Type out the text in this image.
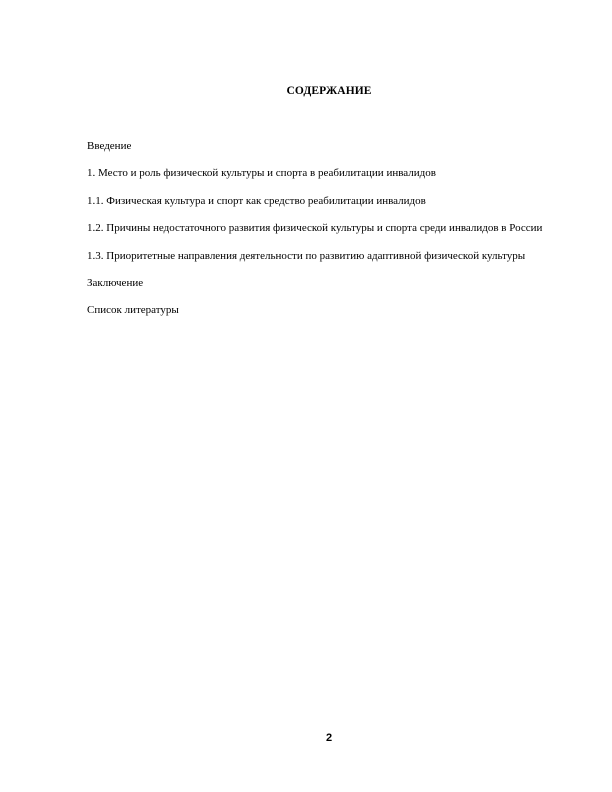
СОДЕРЖАНИЕ

Введение

1. Место и роль физической культуры и спорта в реабилитации инвалидов

1.1. Физическая культура и спорт как средство реабилитации инвалидов

1.2. Причины недостаточного развития физической культуры и спорта среди инвалидов в России

1.3. Приоритетные направления деятельности по развитию адаптивной физической культуры

Заключение

Список литературы

2
